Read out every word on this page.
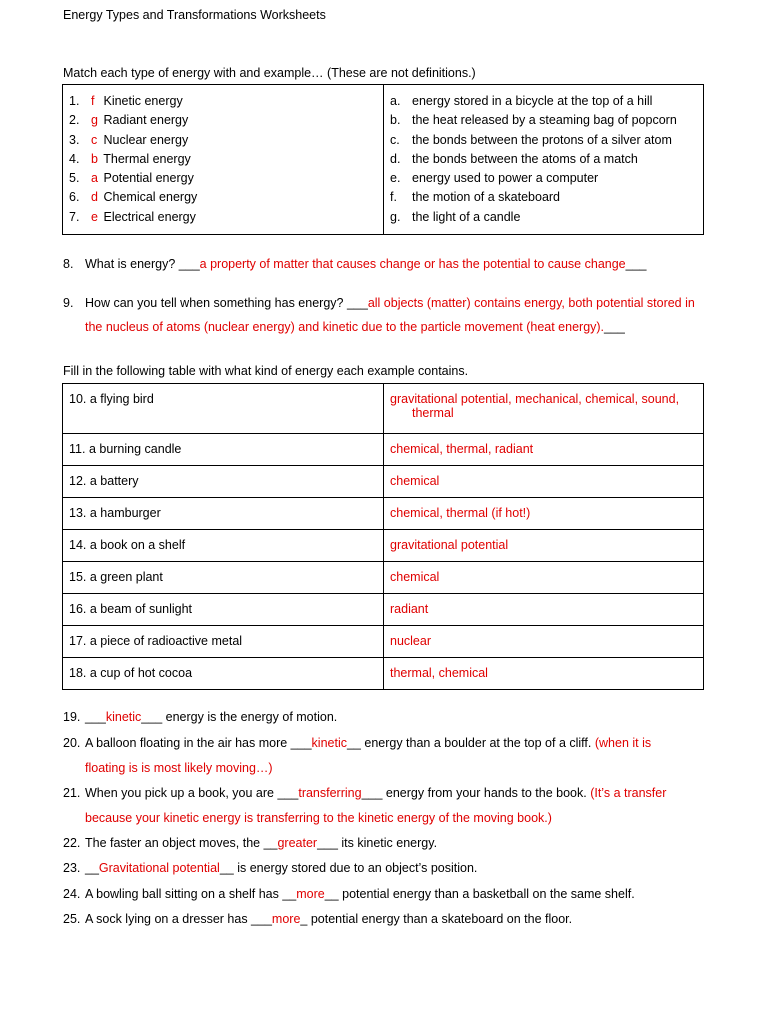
Energy Types and Transformations Worksheets
Match each type of energy with and example… (These are not definitions.)
1. f Kinetic energy
2. g Radiant energy
3. c Nuclear energy
4. b Thermal energy
5. a Potential energy
6. d Chemical energy
7. e Electrical energy

a. energy stored in a bicycle at the top of a hill
b. the heat released by a steaming bag of popcorn
c. the bonds between the protons of a silver atom
d. the bonds between the atoms of a match
e. energy used to power a computer
f. the motion of a skateboard
g. the light of a candle
8. What is energy? ___a property of matter that causes change or has the potential to cause change___
9. How can you tell when something has energy? ___all objects (matter) contains energy, both potential stored in
the nucleus of atoms (nuclear energy) and kinetic due to the particle movement (heat energy).___
Fill in the following table with what kind of energy each example contains.
10. a flying bird	gravitational potential, mechanical, chemical, sound,
thermal

11. a burning candle	chemical, thermal, radiant
12. a battery	chemical
13. a hamburger	chemical, thermal (if hot!)
14. a book on a shelf	gravitational potential
15. a green plant	chemical
16. a beam of sunlight	radiant
17. a piece of radioactive metal	nuclear
18. a cup of hot cocoa	thermal, chemical
19. ___kinetic___ energy is the energy of motion.
20. A balloon floating in the air has more ___kinetic__ energy than a boulder at the top of a cliff. (when it is
floating is is most likely moving…)
21. When you pick up a book, you are ___transferring___ energy from your hands to the book. (It’s a transfer
because your kinetic energy is transferring to the kinetic energy of the moving book.)
22. The faster an object moves, the __greater___ its kinetic energy.
23. __Gravitational potential__ is energy stored due to an object’s position.
24. A bowling ball sitting on a shelf has __more__ potential energy than a basketball on the same shelf.
25. A sock lying on a dresser has ___more_ potential energy than a skateboard on the floor.
